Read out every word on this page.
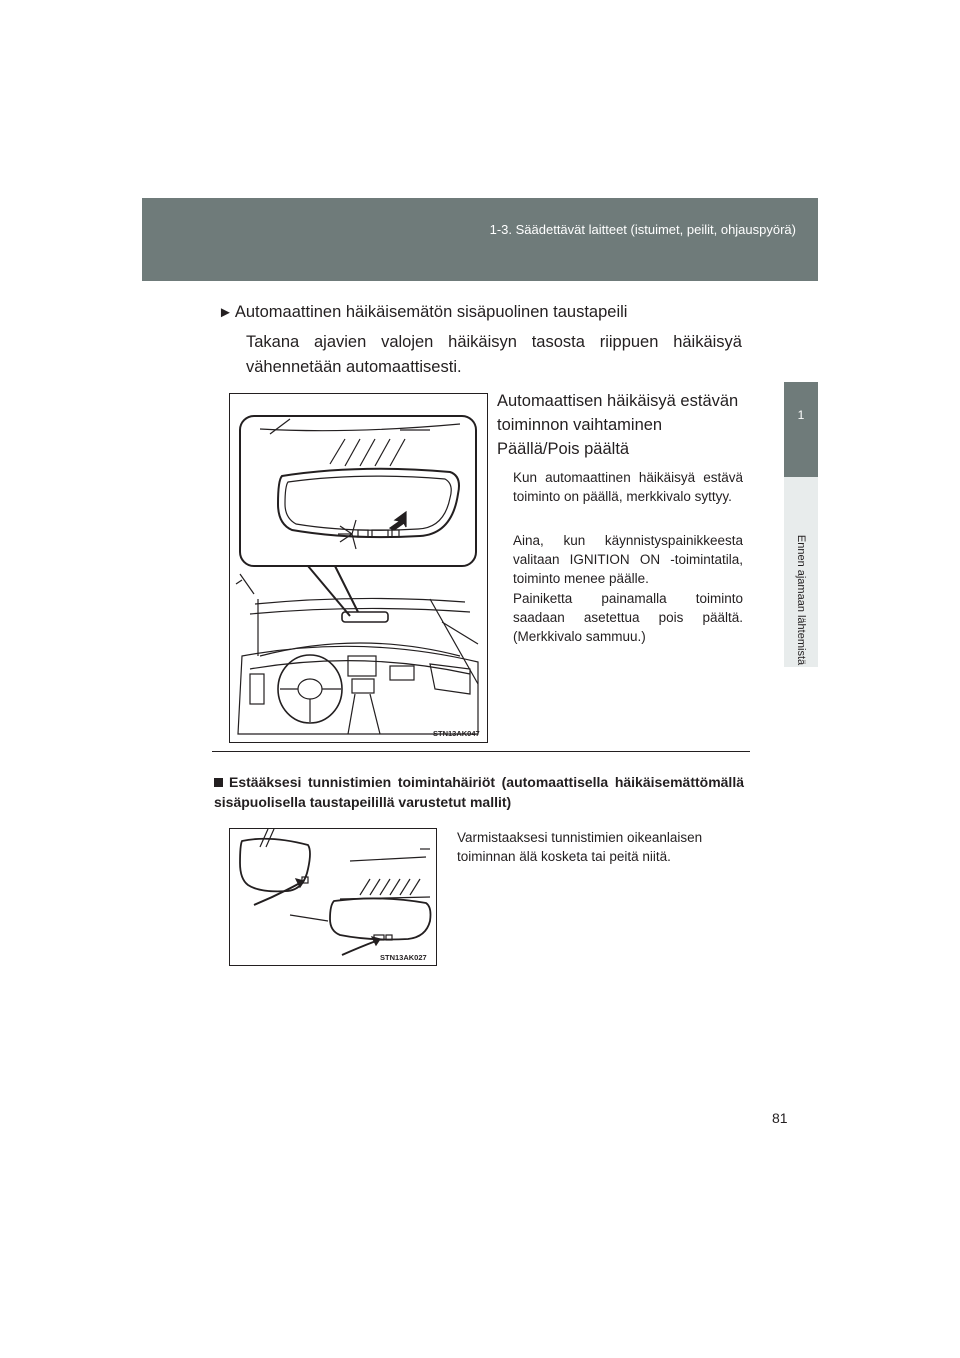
1-3. Säädettävät laitteet (istuimet, peilit, ohjauspyörä)
1
Ennen ajamaan lähtemistä
► Automaattinen häikäisemätön sisäpuolinen taustapeili
Takana ajavien valojen häikäisyn tasosta riippuen häikäisyä vähennetään automaattisesti.
STN13AK047
Automaattisen häikäisyä estävän
toiminnon vaihtaminen
Päällä/Pois päältä
Kun automaattinen häikäisyä estävä toiminto on päällä, merkkivalo syttyy.
Aina, kun käynnistyspainikkeesta valitaan IGNITION ON -toimintatila, toiminto menee päälle.
Painiketta painamalla toiminto saadaan asetettua pois päältä. (Merkkivalo sammuu.)
Estääksesi tunnistimien toimintahäiriöt (automaattisella häikäisemättömällä sisäpuolisella taustapeilillä varustetut mallit)
STN13AK027
Varmistaaksesi tunnistimien oikeanlaisen toiminnan älä kosketa tai peitä niitä.
81
